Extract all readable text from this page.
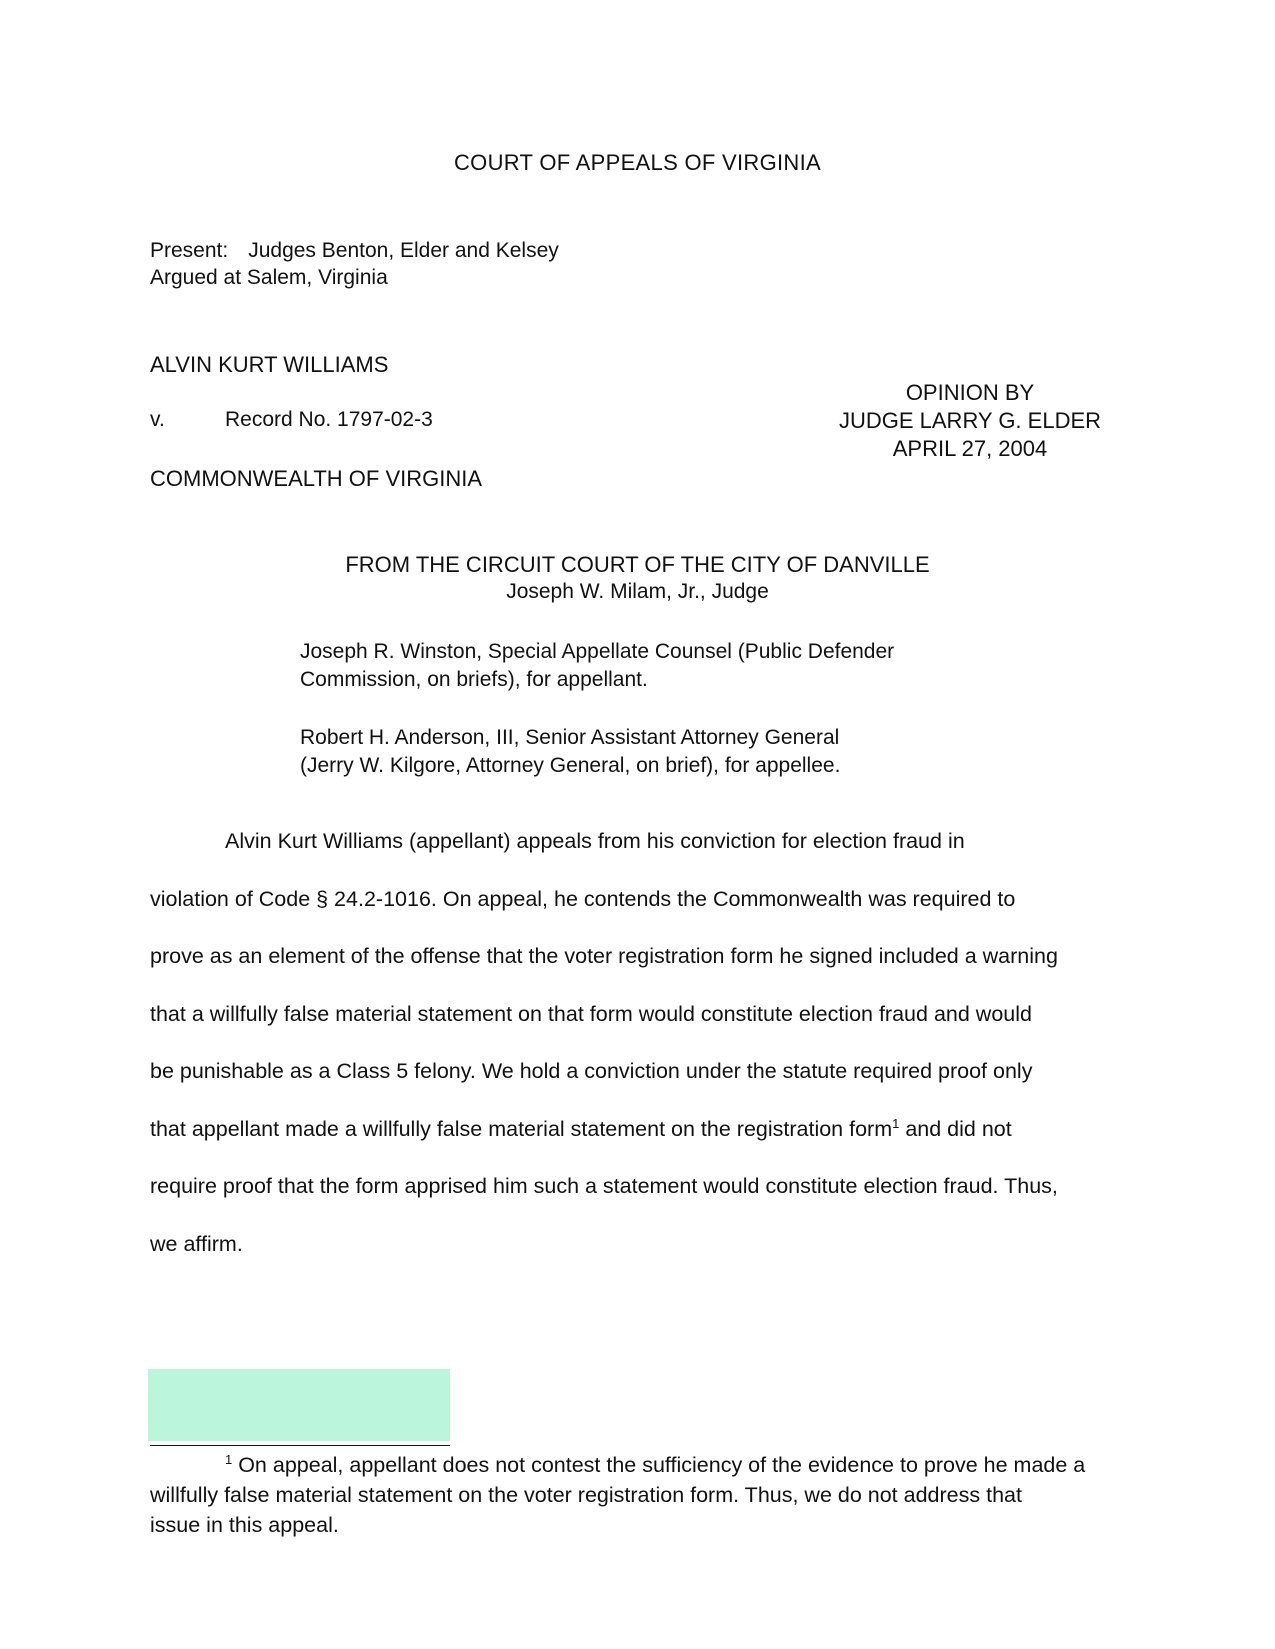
COURT OF APPEALS OF VIRGINIA
Present: Judges Benton, Elder and Kelsey
Argued at Salem, Virginia
ALVIN KURT WILLIAMS
v.	Record No. 1797-02-3
COMMONWEALTH OF VIRGINIA
OPINION BY
JUDGE LARRY G. ELDER
APRIL 27, 2004
FROM THE CIRCUIT COURT OF THE CITY OF DANVILLE
Joseph W. Milam, Jr., Judge
Joseph R. Winston, Special Appellate Counsel (Public Defender
Commission, on briefs), for appellant.
Robert H. Anderson, III, Senior Assistant Attorney General
(Jerry W. Kilgore, Attorney General, on brief), for appellee.
Alvin Kurt Williams (appellant) appeals from his conviction for election fraud in
violation of Code § 24.2-1016. On appeal, he contends the Commonwealth was required to
prove as an element of the offense that the voter registration form he signed included a warning
that a willfully false material statement on that form would constitute election fraud and would
be punishable as a Class 5 felony. We hold a conviction under the statute required proof only
that appellant made a willfully false material statement on the registration form$^1$ and did not
require proof that the form apprised him such a statement would constitute election fraud. Thus,
we affirm.
$^1$ On appeal, appellant does not contest the sufficiency of the evidence to prove he made a
willfully false material statement on the voter registration form. Thus, we do not address that
issue in this appeal.
